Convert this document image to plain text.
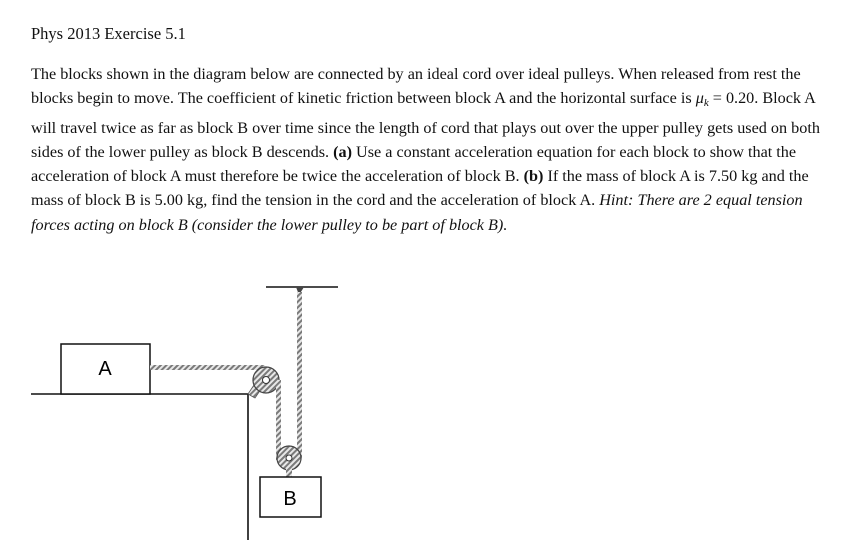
Phys 2013 Exercise 5.1

The blocks shown in the diagram below are connected by an ideal cord over ideal pulleys. When released from rest the blocks begin to move. The coefficient of kinetic friction between block A and the horizontal surface is $\mu_k = 0.20$. Block A will travel twice as far as block B over time since the length of cord that plays out over the upper pulley gets used on both sides of the lower pulley as block B descends. (a) Use a constant acceleration equation for each block to show that the acceleration of block A must therefore be twice the acceleration of block B. (b) If the mass of block A is 7.50 kg and the mass of block B is 5.00 kg, find the tension in the cord and the acceleration of block A. Hint: There are 2 equal tension forces acting on block B (consider the lower pulley to be part of block B).

A
B
